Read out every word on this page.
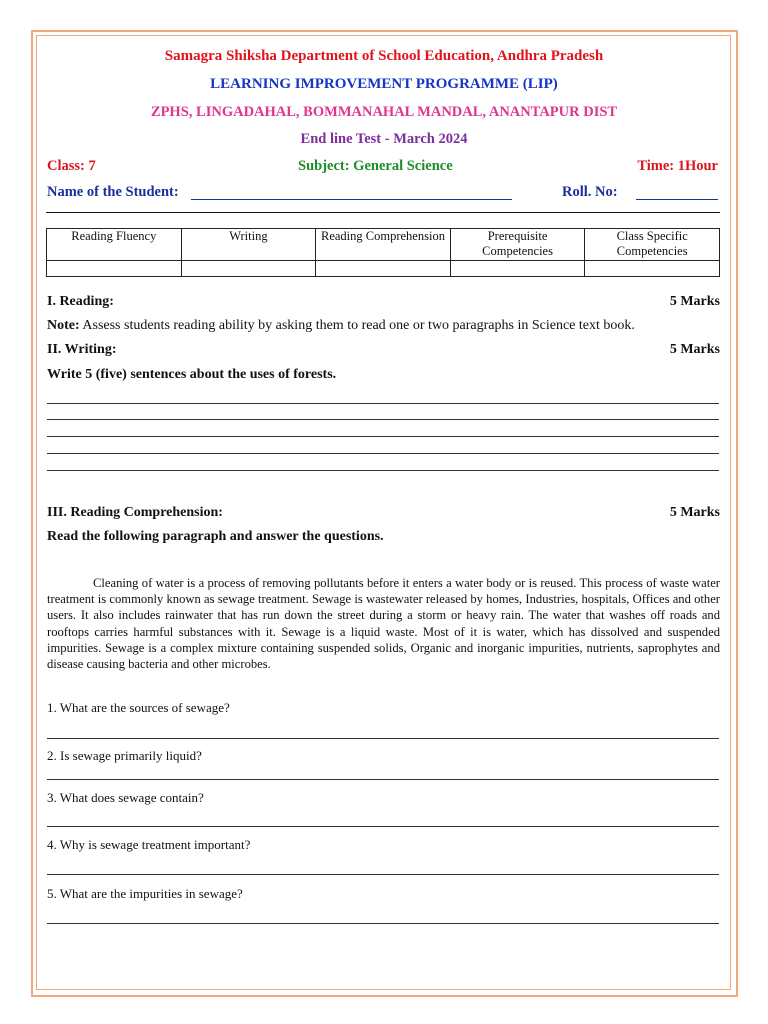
Samagra Shiksha Department of School Education, Andhra Pradesh
LEARNING IMPROVEMENT PROGRAMME (LIP)
ZPHS, LINGADAHAL, BOMMANAHAL MANDAL, ANANTAPUR DIST
End line Test - March 2024
Class: 7	Subject: General Science	Time: 1Hour
Name of the Student:	Roll. No:
Reading Fluency	Writing	Reading Comprehension	Prerequisite Competencies	Class Specific Competencies

I. Reading:	5 Marks
Note: Assess students reading ability by asking them to read one or two paragraphs in Science text book.
II. Writing:	5 Marks
Write 5 (five) sentences about the uses of forests.
III. Reading Comprehension:	5 Marks
Read the following paragraph and answer the questions.

Cleaning of water is a process of removing pollutants before it enters a water body or is reused. This process of waste water treatment is commonly known as sewage treatment. Sewage is wastewater released by homes, Industries, hospitals, Offices and other users. It also includes rainwater that has run down the street during a storm or heavy rain. The water that washes off roads and rooftops carries harmful substances with it. Sewage is a liquid waste. Most of it is water, which has dissolved and suspended impurities. Sewage is a complex mixture containing suspended solids, Organic and inorganic impurities, nutrients, saprophytes and disease causing bacteria and other microbes.

1. What are the sources of sewage?
2. Is sewage primarily liquid?
3. What does sewage contain?
4. Why is sewage treatment important?
5. What are the impurities in sewage?
